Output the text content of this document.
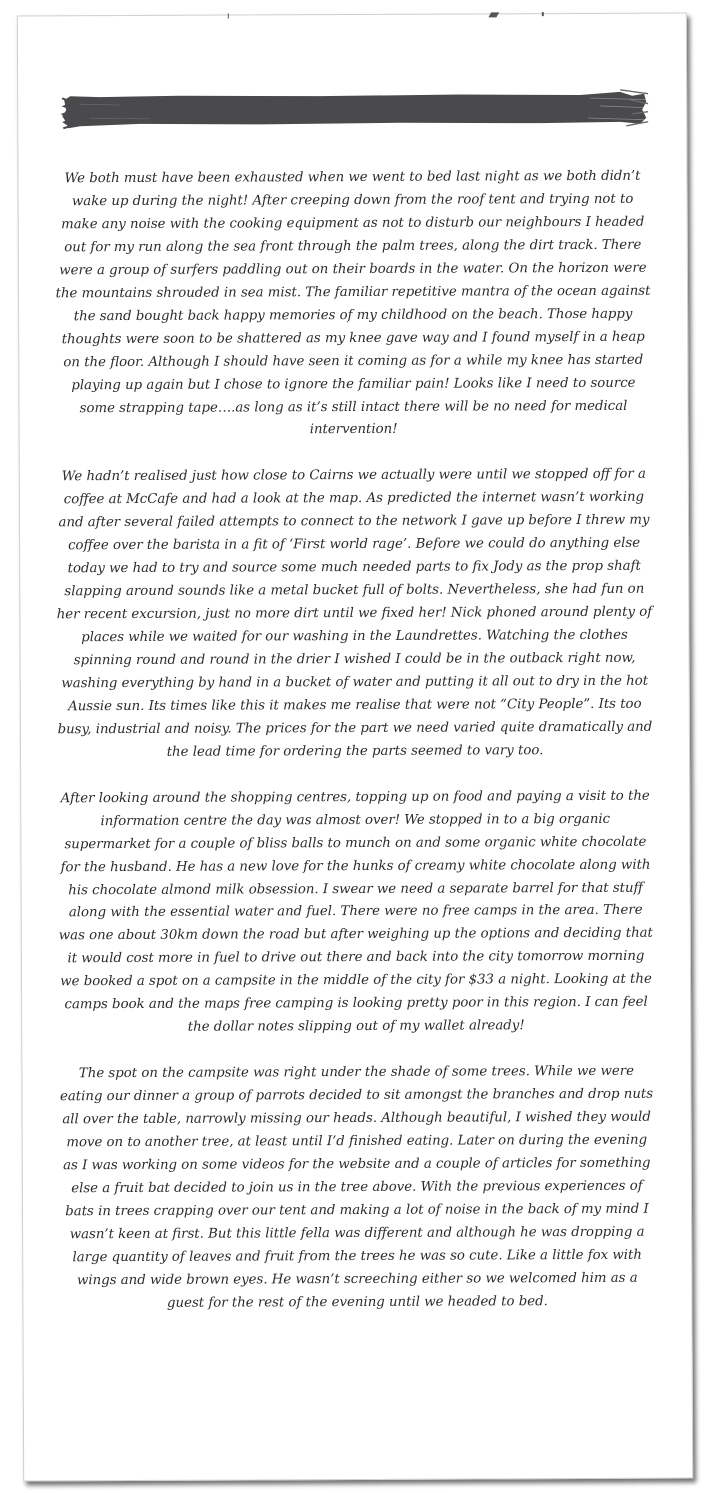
We both must have been exhausted when we went to bed last night as we both didn’t wake up during the night! After creeping down from the roof tent and trying not to make any noise with the cooking equipment as not to disturb our neighbours I headed out for my run along the sea front through the palm trees, along the dirt track. There were a group of surfers paddling out on their boards in the water. On the horizon were the mountains shrouded in sea mist. The familiar repetitive mantra of the ocean against the sand bought back happy memories of my childhood on the beach. Those happy thoughts were soon to be shattered as my knee gave way and I found myself in a heap on the floor. Although I should have seen it coming as for a while my knee has started playing up again but I chose to ignore the familiar pain! Looks like I need to source some strapping tape….as long as it’s still intact there will be no need for medical intervention!

We hadn’t realised just how close to Cairns we actually were until we stopped off for a coffee at McCafe and had a look at the map. As predicted the internet wasn’t working and after several failed attempts to connect to the network I gave up before I threw my coffee over the barista in a fit of ‘First world rage’. Before we could do anything else today we had to try and source some much needed parts to fix Jody as the prop shaft slapping around sounds like a metal bucket full of bolts. Nevertheless, she had fun on her recent excursion, just no more dirt until we fixed her! Nick phoned around plenty of places while we waited for our washing in the Laundrettes. Watching the clothes spinning round and round in the drier I wished I could be in the outback right now, washing everything by hand in a bucket of water and putting it all out to dry in the hot Aussie sun. Its times like this it makes me realise that were not “City People”. Its too busy, industrial and noisy. The prices for the part we need varied quite dramatically and the lead time for ordering the parts seemed to vary too.

After looking around the shopping centres, topping up on food and paying a visit to the information centre the day was almost over! We stopped in to a big organic supermarket for a couple of bliss balls to munch on and some organic white chocolate for the husband. He has a new love for the hunks of creamy white chocolate along with his chocolate almond milk obsession. I swear we need a separate barrel for that stuff along with the essential water and fuel. There were no free camps in the area. There was one about 30km down the road but after weighing up the options and deciding that it would cost more in fuel to drive out there and back into the city tomorrow morning we booked a spot on a campsite in the middle of the city for $33 a night. Looking at the camps book and the maps free camping is looking pretty poor in this region. I can feel the dollar notes slipping out of my wallet already!

The spot on the campsite was right under the shade of some trees. While we were eating our dinner a group of parrots decided to sit amongst the branches and drop nuts all over the table, narrowly missing our heads. Although beautiful, I wished they would move on to another tree, at least until I’d finished eating. Later on during the evening as I was working on some videos for the website and a couple of articles for something else a fruit bat decided to join us in the tree above. With the previous experiences of bats in trees crapping over our tent and making a lot of noise in the back of my mind I wasn’t keen at first. But this little fella was different and although he was dropping a large quantity of leaves and fruit from the trees he was so cute. Like a little fox with wings and wide brown eyes. He wasn’t screeching either so we welcomed him as a guest for the rest of the evening until we headed to bed.
